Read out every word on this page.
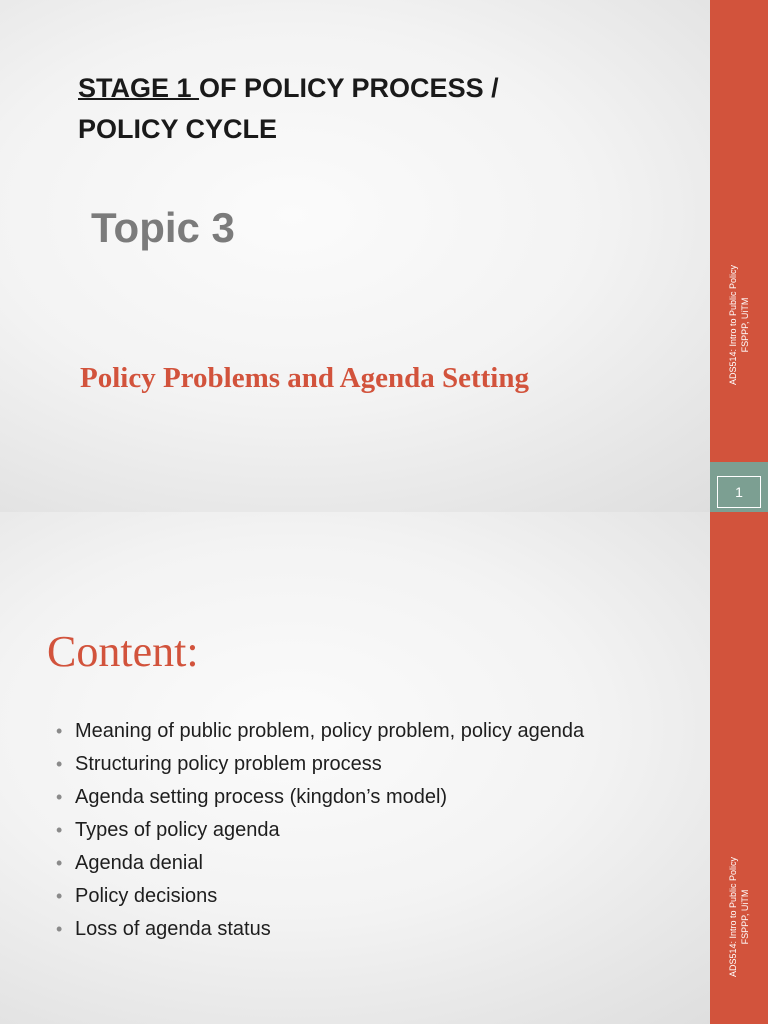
STAGE 1 OF POLICY PROCESS /
POLICY CYCLE
Topic 3
Policy Problems and Agenda Setting	ADS514: Intro to Public Policy FSPPP, UiTM
1
Content:
• Meaning of public problem, policy problem, policy agenda
• Structuring policy problem process
• Agenda setting process (kingdon’s model)
• Types of policy agenda
• Agenda denial
• Policy decisions
• Loss of agenda status	ADS514: Intro to Public Policy FSPPP, UiTM
